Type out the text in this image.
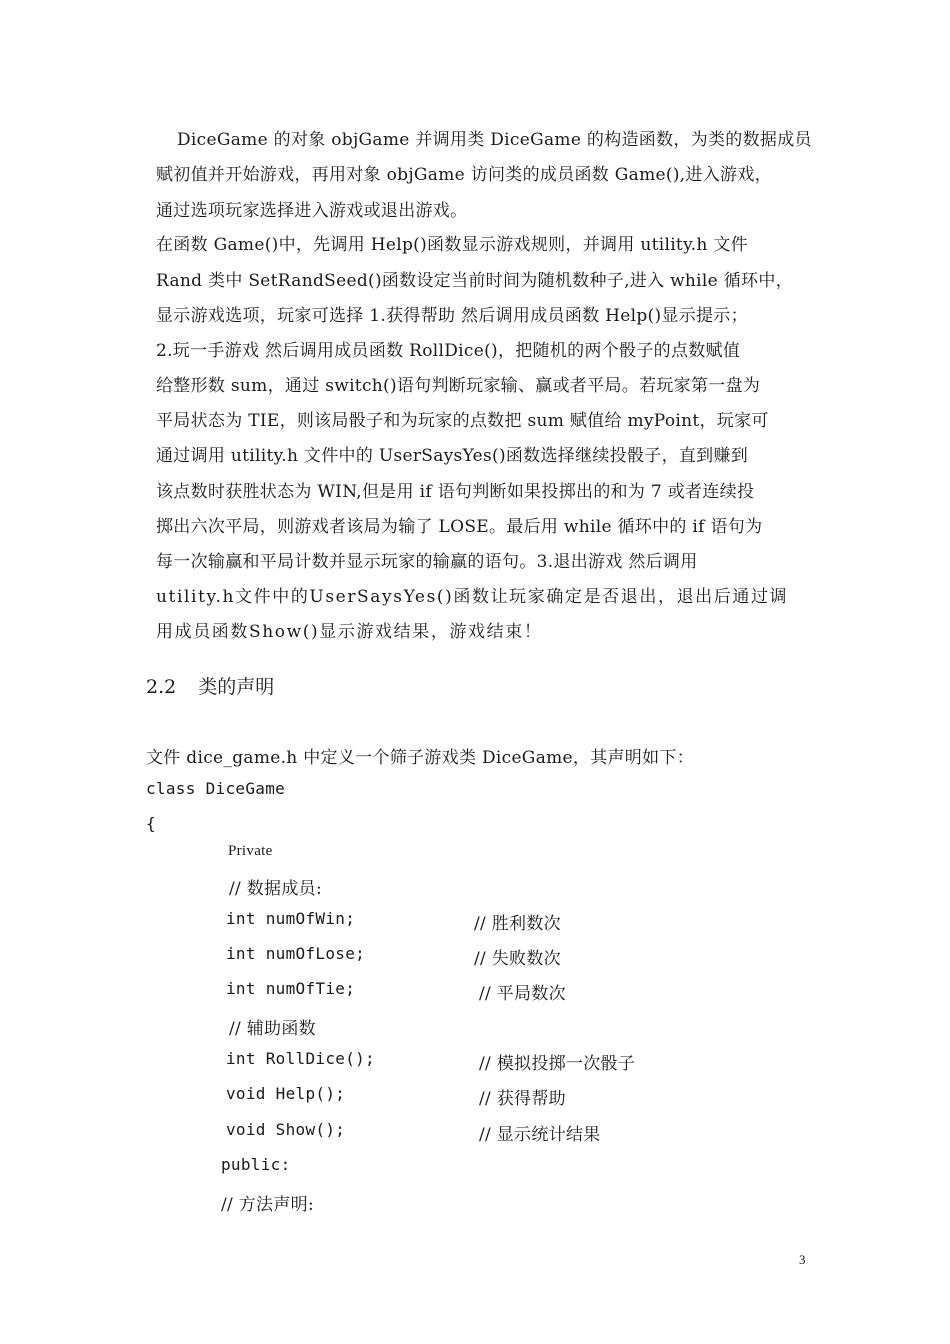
DiceGame 的对象 objGame 并调用类 DiceGame 的构造函数，为类的数据成员
赋初值并开始游戏，再用对象 objGame 访问类的成员函数 Game(),进入游戏，
通过选项玩家选择进入游戏或退出游戏。
在函数 Game()中，先调用 Help()函数显示游戏规则，并调用 utility.h 文件
Rand 类中 SetRandSeed()函数设定当前时间为随机数种子,进入 while 循环中，
显示游戏选项，玩家可选择 1.获得帮助 然后调用成员函数 Help()显示提示；
2.玩一手游戏 然后调用成员函数 RollDice()，把随机的两个骰子的点数赋值
给整形数 sum，通过 switch()语句判断玩家输、赢或者平局。若玩家第一盘为
平局状态为 TIE，则该局骰子和为玩家的点数把 sum 赋值给 myPoint，玩家可
通过调用 utility.h 文件中的 UserSaysYes()函数选择继续投骰子，直到赚到
该点数时获胜状态为 WIN,但是用 if 语句判断如果投掷出的和为 7 或者连续投
掷出六次平局，则游戏者该局为输了 LOSE。最后用 while 循环中的 if 语句为
每一次输赢和平局计数并显示玩家的输赢的语句。3.退出游戏 然后调用
utility.h文件中的UserSaysYes()函数让玩家确定是否退出，退出后通过调
用成员函数Show()显示游戏结果，游戏结束！
2.2 类的声明
文件 dice_game.h 中定义一个筛子游戏类 DiceGame，其声明如下：
class DiceGame
{
Private
// 数据成员:
int numOfWin;	// 胜利数次
int numOfLose;	// 失败数次
int numOfTie;	// 平局数次
// 辅助函数
int RollDice();	// 模拟投掷一次骰子
void Help();	// 获得帮助
void Show();	// 显示统计结果
public:
// 方法声明:
3
